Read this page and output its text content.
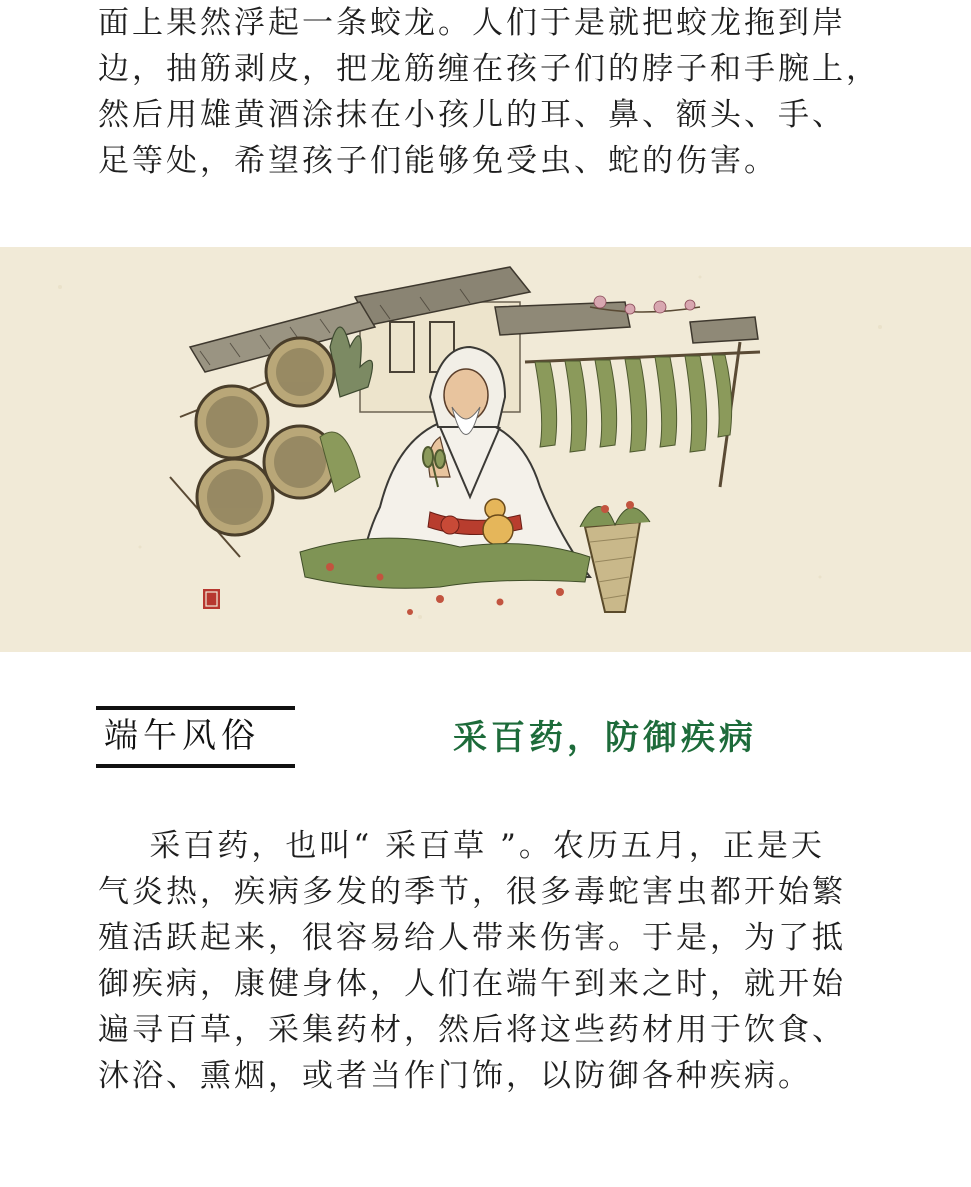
面上果然浮起一条蛟龙。人们于是就把蛟龙拖到岸
边，抽筋剥皮，把龙筋缠在孩子们的脖子和手腕上，
然后用雄黄酒涂抹在小孩儿的耳、鼻、额头、手、
足等处，希望孩子们能够免受虫、蛇的伤害。
端午风俗	采百药，防御疾病
采百药，也叫“ 采百草 ”。农历五月，正是天
气炎热，疾病多发的季节，很多毒蛇害虫都开始繁
殖活跃起来，很容易给人带来伤害。于是，为了抵
御疾病，康健身体，人们在端午到来之时，就开始
遍寻百草，采集药材，然后将这些药材用于饮食、
沐浴、熏烟，或者当作门饰，以防御各种疾病。
